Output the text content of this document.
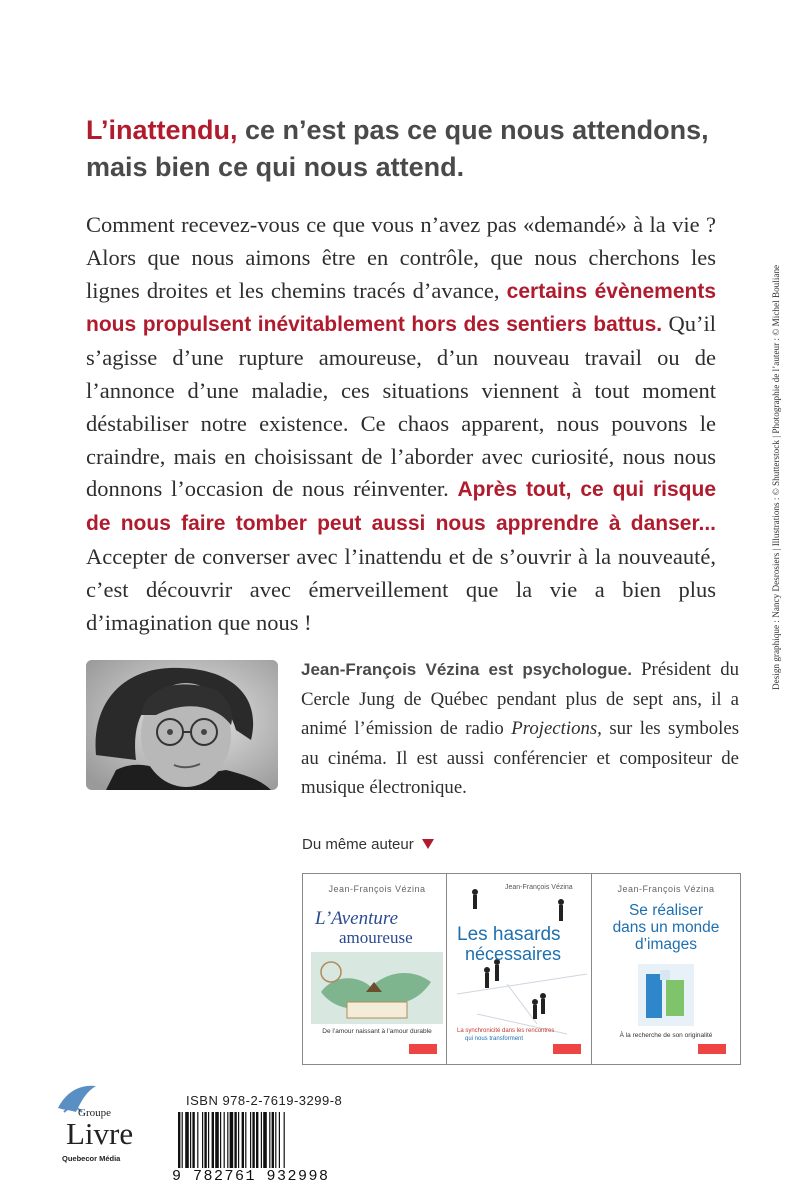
L’inattendu, ce n’est pas ce que nous attendons,
mais bien ce qui nous attend.
Comment recevez-vous ce que vous n’avez pas «demandé» à la vie ? Alors que nous aimons être en contrôle, que nous cherchons les lignes droites et les chemins tracés d’avance, certains évènements nous propulsent inévitablement hors des sentiers battus. Qu’il s’agisse d’une rupture amoureuse, d’un nouveau travail ou de l’annonce d’une maladie, ces situations viennent à tout moment déstabiliser notre existence. Ce chaos apparent, nous pouvons le craindre, mais en choisissant de l’aborder avec curiosité, nous nous donnons l’occasion de nous réinventer. Après tout, ce qui risque de nous faire tomber peut aussi nous apprendre à danser... Accepter de converser avec l’inattendu et de s’ouvrir à la nouveauté, c’est découvrir avec émerveillement que la vie a bien plus d’imagination que nous !
Jean-François Vézina est psychologue. Président du Cercle Jung de Québec pendant plus de sept ans, il a animé l’émission de radio Projections, sur les symboles au cinéma. Il est aussi conférencier et compositeur de musique électronique.
Du même auteur
Jean-François Vézina
L’Aventure
amoureuse
De l’amour naissant à l’amour durable
Jean-François Vézina
Les hasards
nécessaires
La synchronicité dans les rencontres
qui nous transforment
Jean-François Vézina
Se réaliser
dans un monde
d’images
À la recherche de son originalité
Groupe
Livre
Quebecor Média
ISBN 978-2-7619-3299-8
9 782761 932998
Design graphique : Nancy Desrosiers | Illustrations : © Shutterstock | Photographie de l’auteur : © Michel Bouliane
